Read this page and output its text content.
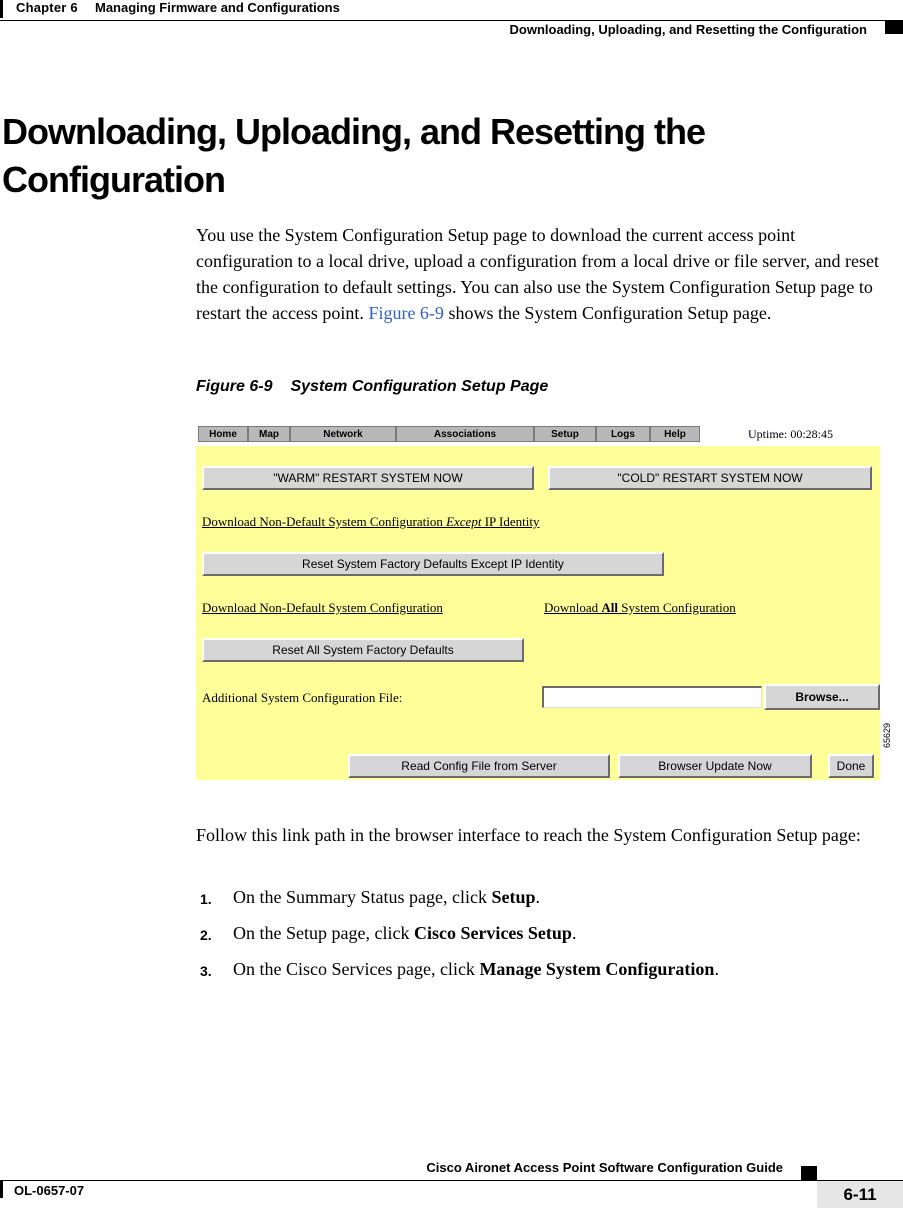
Chapter 6 Managing Firmware and Configurations
Downloading, Uploading, and Resetting the Configuration
Downloading, Uploading, and Resetting the Configuration

You use the System Configuration Setup page to download the current access point configuration to a local drive, upload a configuration from a local drive or file server, and reset the configuration to default settings. You can also use the System Configuration Setup page to restart the access point. Figure 6-9 shows the System Configuration Setup page.

Figure 6-9 System Configuration Setup Page
Home	Map	Network	Associations	Setup	Logs	Help	Uptime: 00:28:45
"WARM" RESTART SYSTEM NOW	"COLD" RESTART SYSTEM NOW
Download Non-Default System Configuration Except IP Identity
Reset System Factory Defaults Except IP Identity
Download Non-Default System Configuration	Download All System Configuration
Reset All System Factory Defaults
Additional System Configuration File:	Browse...
Read Config File from Server	Browser Update Now	Done
65629

Follow this link path in the browser interface to reach the System Configuration Setup page:

1. On the Summary Status page, click Setup.
2. On the Setup page, click Cisco Services Setup.
3. On the Cisco Services page, click Manage System Configuration.
Cisco Aironet Access Point Software Configuration Guide
OL-0657-07	6-11
